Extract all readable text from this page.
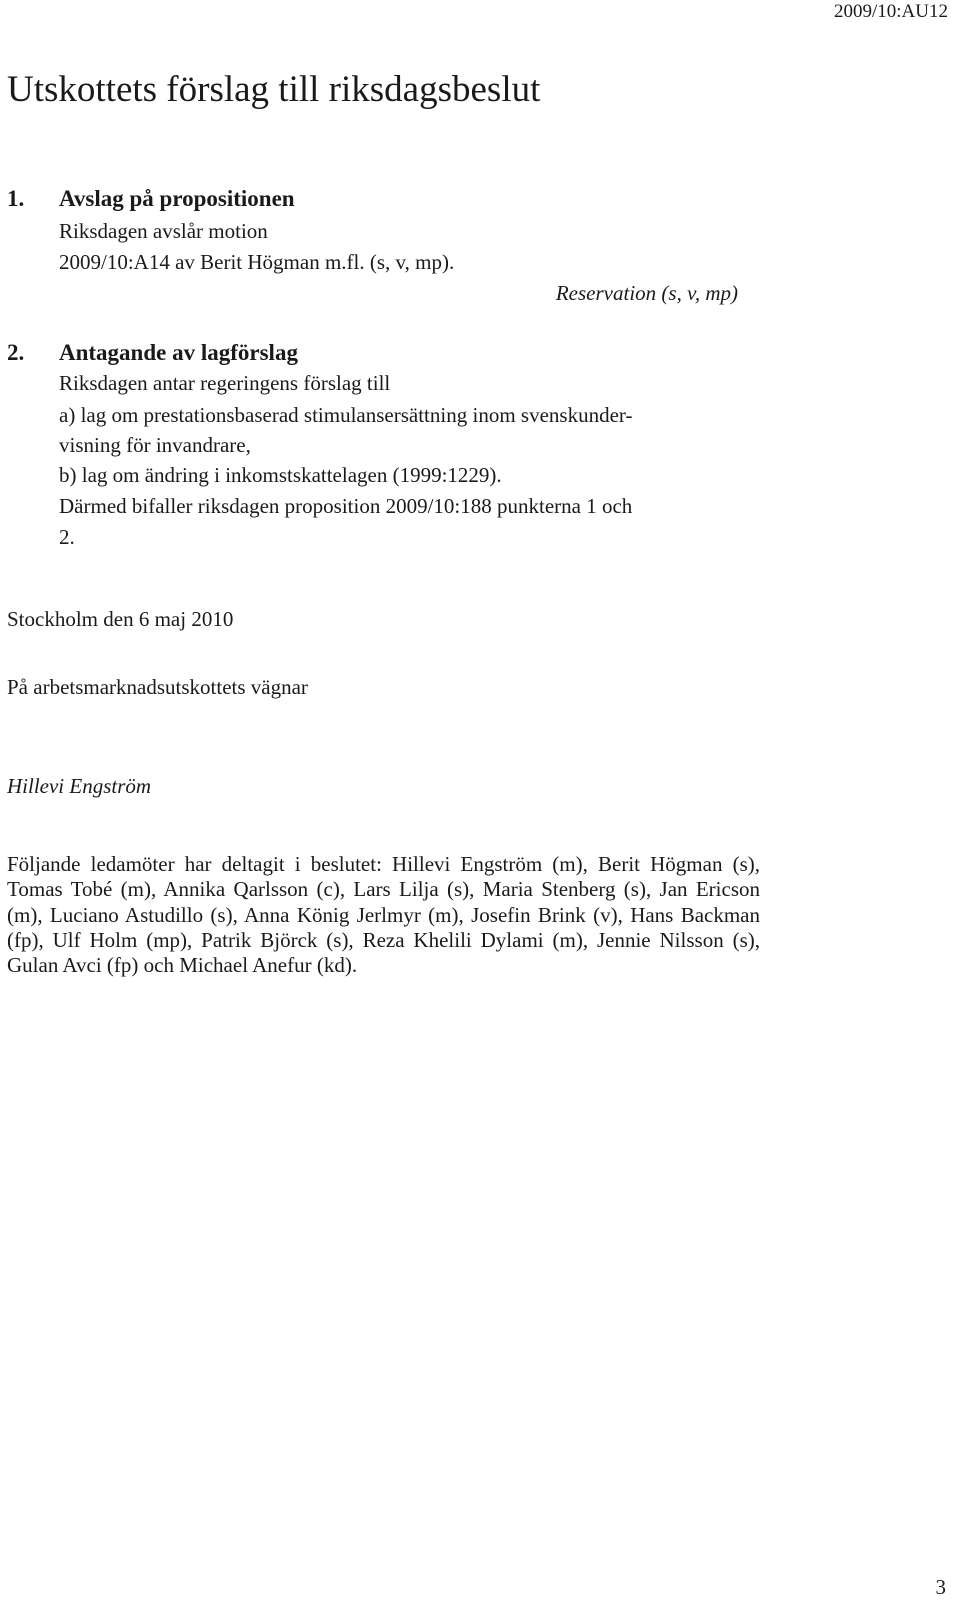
2009/10:AU12
Utskottets förslag till riksdagsbeslut
1. Avslag på propositionen
Riksdagen avslår motion
2009/10:A14 av Berit Högman m.fl. (s, v, mp).
Reservation (s, v, mp)
2. Antagande av lagförslag
Riksdagen antar regeringens förslag till
a) lag om prestationsbaserad stimulansersättning inom svenskunder-
visning för invandrare,
b) lag om ändring i inkomstskattelagen (1999:1229).
Därmed bifaller riksdagen proposition 2009/10:188 punkterna 1 och
2.
Stockholm den 6 maj 2010
På arbetsmarknadsutskottets vägnar
Hillevi Engström
Följande ledamöter har deltagit i beslutet: Hillevi Engström (m), Berit Högman (s), Tomas Tobé (m), Annika Qarlsson (c), Lars Lilja (s), Maria Stenberg (s), Jan Ericson (m), Luciano Astudillo (s), Anna König Jerlmyr (m), Josefin Brink (v), Hans Backman (fp), Ulf Holm (mp), Patrik Björck (s), Reza Khelili Dylami (m), Jennie Nilsson (s), Gulan Avci (fp) och Michael Anefur (kd).
3
